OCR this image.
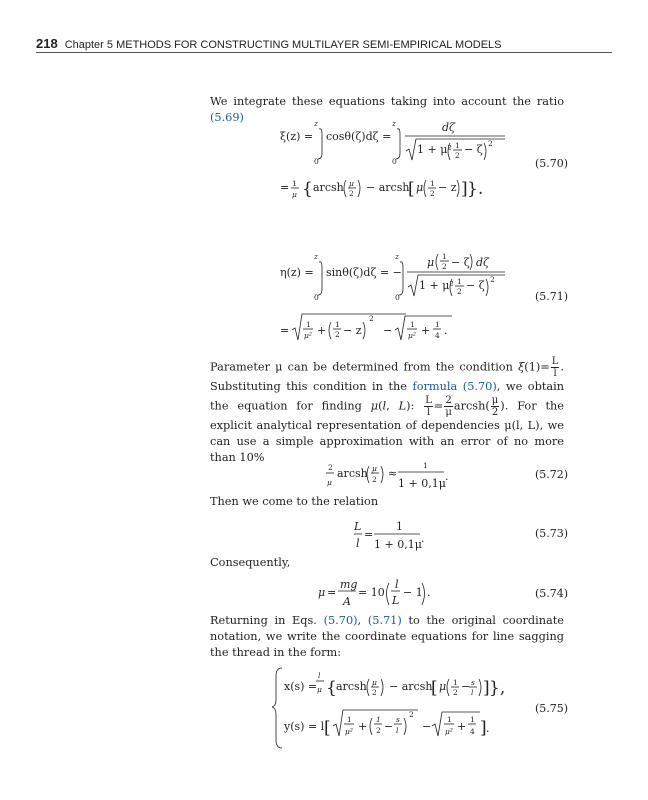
218 Chapter 5 METHODS FOR CONSTRUCTING MULTILAYER SEMI-EMPIRICAL MODELS

We integrate these equations taking into account the ratio (5.69)

ξ(z) =
z
0
cosθ(ζ)dζ =
z
0
dζ
1 + μ² 1
2 − ζ 2
= 1
μ { arcsh μ
2 − arcsh
[ μ 1
2 − z ] }.
(5.70)
η(z) =
z
0
sinθ(ζ)dζ = −
z
0
μ 1
2 − ζ dζ
1 + μ² 1
2 − ζ 2
= 1
μ² + 1
2 − z
2
− 1
μ² + 1
4 .
(5.71)

Parameter μ can be determined from the condition $\xi(1)= \frac{L}{l}$ . Substituting this condition in the formula (5.70), we obtain the equation for finding μ(l, L): $\frac{L}{l} = \frac{2}{\mu}$ arcsh( $\frac{\mu}{2}$ ). For the explicit analytical representation of dependencies μ(l, L), we can use a simple approximation with an error of no more than 10%

2
μ
arcsh μ
2 ≈
1
1 + 0,1μ
.	(5.72)

Then we come to the relation

L
l
=
1
1 + 0,1μ .	(5.73)

Consequently,

μ =
mg
A
= 10
l
L
− 1 .	(5.74)

Returning in Eqs. (5.70), (5.71) to the original coordinate notation, we write the coordinate equations for line sagging the thread in the form:

x(s) =
l
μ { arcsh μ
2 − arcsh
[ μ 1
2 − s
l ] },
y(s) = l [ 1
μ² +
1
2 −
s
l
2
−
1
μ² +
1
4 ] .
(5.75)
